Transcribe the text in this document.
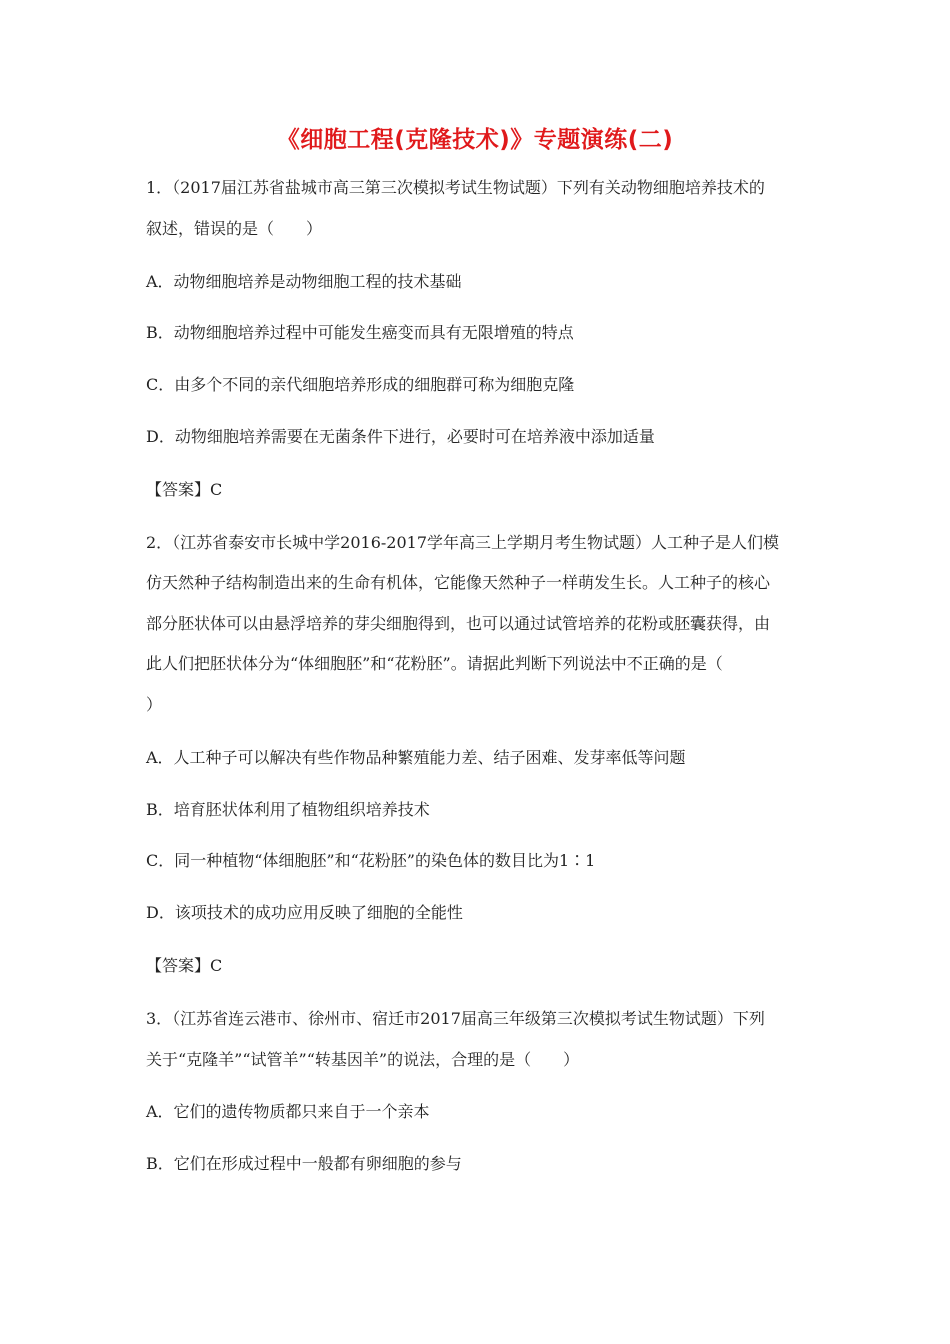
《细胞工程(克隆技术)》专题演练(二)
1．（2017届江苏省盐城市高三第三次模拟考试生物试题）下列有关动物细胞培养技术的
叙述，错误的是（　　）
A．动物细胞培养是动物细胞工程的技术基础
B．动物细胞培养过程中可能发生癌变而具有无限增殖的特点
C．由多个不同的亲代细胞培养形成的细胞群可称为细胞克隆
D．动物细胞培养需要在无菌条件下进行，必要时可在培养液中添加适量
【答案】C
2．（江苏省泰安市长城中学2016-2017学年高三上学期月考生物试题）人工种子是人们模
仿天然种子结构制造出来的生命有机体，它能像天然种子一样萌发生长。人工种子的核心
部分胚状体可以由悬浮培养的芽尖细胞得到，也可以通过试管培养的花粉或胚囊获得，由
此人们把胚状体分为“体细胞胚”和“花粉胚”。请据此判断下列说法中不正确的是（
）
A．人工种子可以解决有些作物品种繁殖能力差、结子困难、发芽率低等问题
B．培育胚状体利用了植物组织培养技术
C．同一种植物“体细胞胚”和“花粉胚”的染色体的数目比为1∶1
D．该项技术的成功应用反映了细胞的全能性
【答案】C
3．（江苏省连云港市、徐州市、宿迁市2017届高三年级第三次模拟考试生物试题）下列
关于“克隆羊”“试管羊”“转基因羊”的说法，合理的是（　　）
A．它们的遗传物质都只来自于一个亲本
B．它们在形成过程中一般都有卵细胞的参与
